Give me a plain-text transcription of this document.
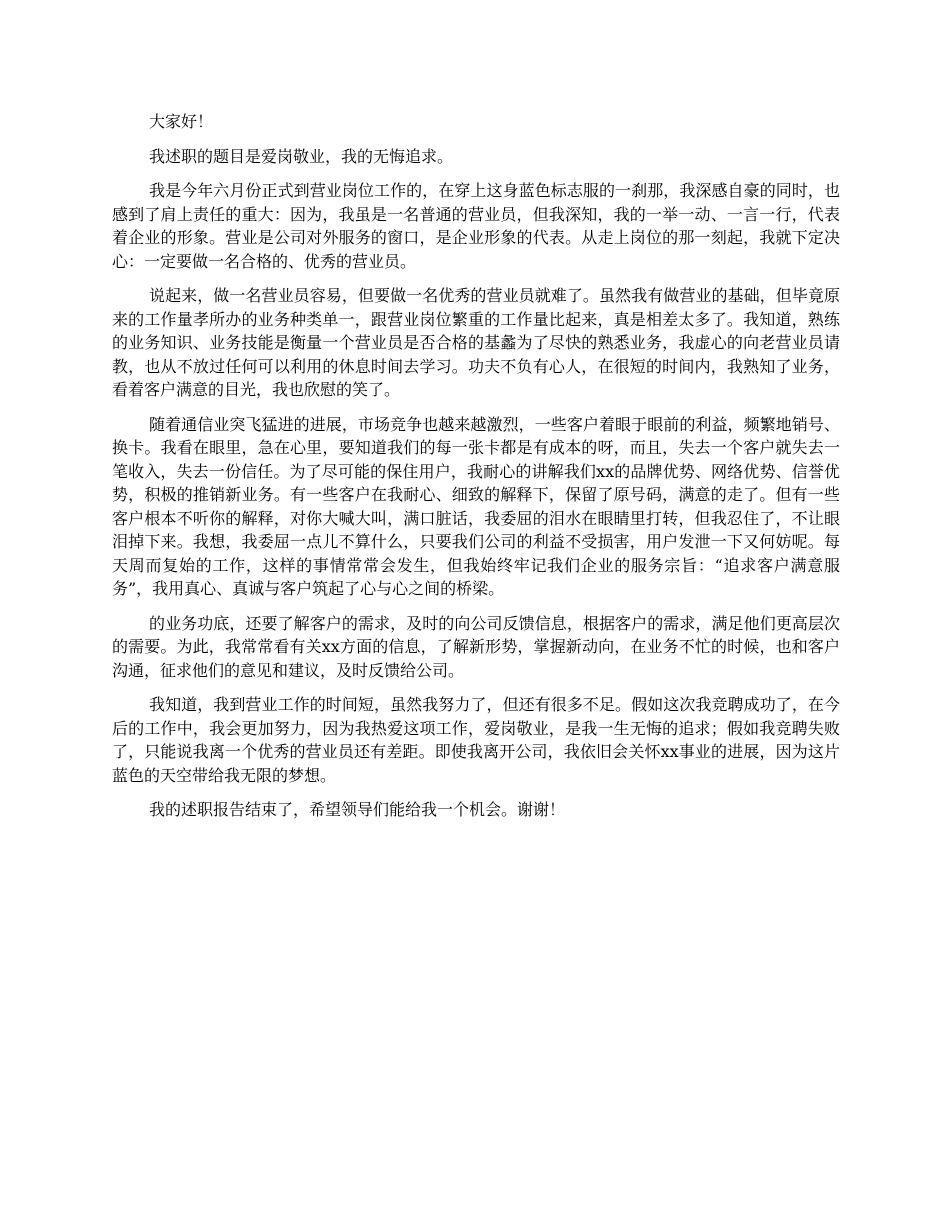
大家好！

我述职的题目是爱岗敬业，我的无悔追求。

我是今年六月份正式到营业岗位工作的，在穿上这身蓝色标志服的一刹那，我深感自豪的同时，也感到了肩上责任的重大：因为，我虽是一名普通的营业员，但我深知，我的一举一动、一言一行，代表着企业的形象。营业是公司对外服务的窗口，是企业形象的代表。从走上岗位的那一刻起，我就下定决心：一定要做一名合格的、优秀的营业员。

说起来，做一名营业员容易，但要做一名优秀的营业员就难了。虽然我有做营业的基础，但毕竟原来的工作量孝所办的业务种类单一，跟营业岗位繁重的工作量比起来，真是相差太多了。我知道，熟练的业务知识、业务技能是衡量一个营业员是否合格的基蠡为了尽快的熟悉业务，我虚心的向老营业员请教，也从不放过任何可以利用的休息时间去学习。功夫不负有心人，在很短的时间内，我熟知了业务，看着客户满意的目光，我也欣慰的笑了。

随着通信业突飞猛进的进展，市场竞争也越来越激烈，一些客户着眼于眼前的利益，频繁地销号、换卡。我看在眼里，急在心里，要知道我们的每一张卡都是有成本的呀，而且，失去一个客户就失去一笔收入，失去一份信任。为了尽可能的保住用户，我耐心的讲解我们xx的品牌优势、网络优势、信誉优势，积极的推销新业务。有一些客户在我耐心、细致的解释下，保留了原号码，满意的走了。但有一些客户根本不听你的解释，对你大喊大叫，满口脏话，我委屈的泪水在眼睛里打转，但我忍住了，不让眼泪掉下来。我想，我委屈一点儿不算什么，只要我们公司的利益不受损害，用户发泄一下又何妨呢。每天周而复始的工作，这样的事情常常会发生，但我始终牢记我们企业的服务宗旨：“追求客户满意服务”，我用真心、真诚与客户筑起了心与心之间的桥梁。

的业务功底，还要了解客户的需求，及时的向公司反馈信息，根据客户的需求，满足他们更高层次的需要。为此，我常常看有关xx方面的信息，了解新形势，掌握新动向，在业务不忙的时候，也和客户沟通，征求他们的意见和建议，及时反馈给公司。

我知道，我到营业工作的时间短，虽然我努力了，但还有很多不足。假如这次我竞聘成功了，在今后的工作中，我会更加努力，因为我热爱这项工作，爱岗敬业，是我一生无悔的追求；假如我竞聘失败了，只能说我离一个优秀的营业员还有差距。即使我离开公司，我依旧会关怀xx事业的进展，因为这片蓝色的天空带给我无限的梦想。

我的述职报告结束了，希望领导们能给我一个机会。谢谢！
